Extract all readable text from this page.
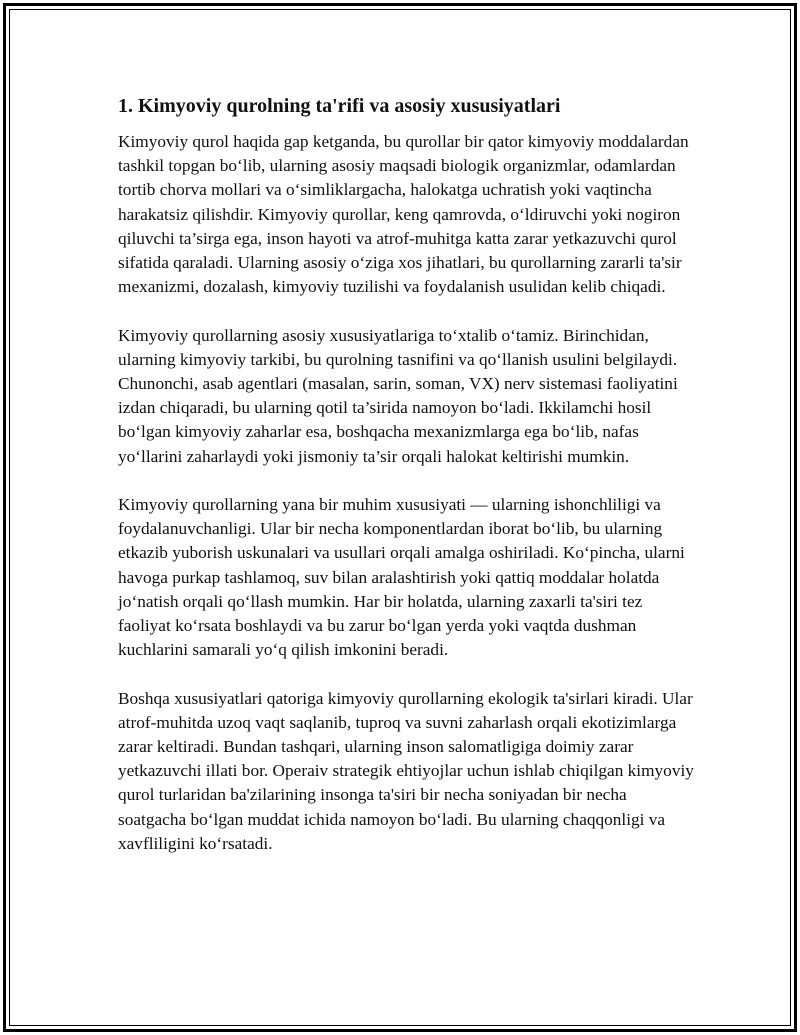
1. Kimyoviy qurolning ta'rifi va asosiy xususiyatlari

Kimyoviy qurol haqida gap ketganda, bu qurollar bir qator kimyoviy moddalardan tashkil topgan bo‘lib, ularning asosiy maqsadi biologik organizmlar, odamlardan tortib chorva mollari va o‘simliklargacha, halokatga uchratish yoki vaqtincha harakatsiz qilishdir. Kimyoviy qurollar, keng qamrovda, o‘ldiruvchi yoki nogiron qiluvchi ta’sirga ega, inson hayoti va atrof-muhitga katta zarar yetkazuvchi qurol sifatida qaraladi. Ularning asosiy o‘ziga xos jihatlari, bu qurollarning zararli ta'sir mexanizmi, dozalash, kimyoviy tuzilishi va foydalanish usulidan kelib chiqadi.

Kimyoviy qurollarning asosiy xususiyatlariga to‘xtalib o‘tamiz. Birinchidan, ularning kimyoviy tarkibi, bu qurolning tasnifini va qo‘llanish usulini belgilaydi. Chunonchi, asab agentlari (masalan, sarin, soman, VX) nerv sistemasi faoliyatini izdan chiqaradi, bu ularning qotil ta’sirida namoyon bo‘ladi. Ikkilamchi hosil bo‘lgan kimyoviy zaharlar esa, boshqacha mexanizmlarga ega bo‘lib, nafas yo‘llarini zaharlaydi yoki jismoniy ta’sir orqali halokat keltirishi mumkin.

Kimyoviy qurollarning yana bir muhim xususiyati — ularning ishonchliligi va foydalanuvchanligi. Ular bir necha komponentlardan iborat bo‘lib, bu ularning etkazib yuborish uskunalari va usullari orqali amalga oshiriladi. Ko‘pincha, ularni havoga purkap tashlamoq, suv bilan aralashtirish yoki qattiq moddalar holatda jo‘natish orqali qo‘llash mumkin. Har bir holatda, ularning zaxarli ta'siri tez faoliyat ko‘rsata boshlaydi va bu zarur bo‘lgan yerda yoki vaqtda dushman kuchlarini samarali yo‘q qilish imkonini beradi.

Boshqa xususiyatlari qatoriga kimyoviy qurollarning ekologik ta'sirlari kiradi. Ular atrof-muhitda uzoq vaqt saqlanib, tuproq va suvni zaharlash orqali ekotizimlarga zarar keltiradi. Bundan tashqari, ularning inson salomatligiga doimiy zarar yetkazuvchi illati bor. Operaiv strategik ehtiyojlar uchun ishlab chiqilgan kimyoviy qurol turlaridan ba'zilarining insonga ta'siri bir necha soniyadan bir necha soatgacha bo‘lgan muddat ichida namoyon bo‘ladi. Bu ularning chaqqonligi va xavfliligini ko‘rsatadi.
